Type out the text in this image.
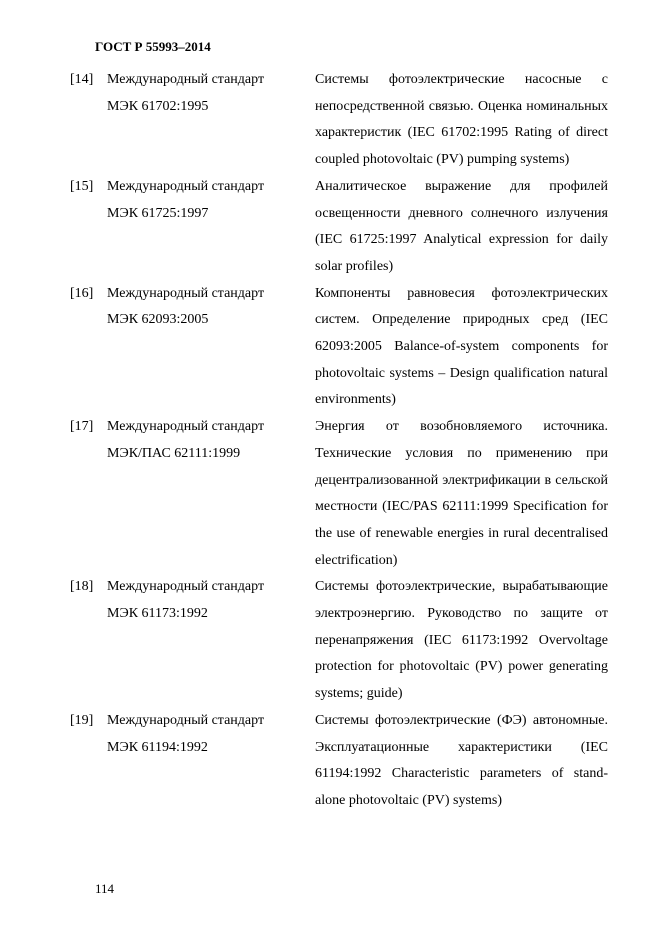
ГОСТ Р 55993–2014
[14] Международный стандарт
МЭК 61702:1995
Системы фотоэлектрические насосные с непосредственной связью. Оценка номинальных характеристик (IEC 61702:1995 Rating of direct coupled photovoltaic (PV) pumping systems)
[15] Международный стандарт
МЭК 61725:1997
Аналитическое выражение для профилей освещенности дневного солнечного излучения (IEC 61725:1997 Analytical expression for daily solar profiles)
[16] Международный стандарт
МЭК 62093:2005
Компоненты равновесия фотоэлектрических систем. Определение природных сред (IEC 62093:2005 Balance-of-system components for photovoltaic systems – Design qualification natural environments)
[17] Международный стандарт
МЭК/ПАС 62111:1999
Энергия от возобновляемого источника. Технические условия по применению при децентрализованной электрификации в сельской местности (IEC/PAS 62111:1999 Specification for the use of renewable energies in rural decentralised electrification)
[18] Международный стандарт
МЭК 61173:1992
Системы фотоэлектрические, вырабатывающие электроэнергию. Руководство по защите от перенапряжения (IEC 61173:1992 Overvoltage protection for photovoltaic (PV) power generating systems; guide)
[19] Международный стандарт
МЭК 61194:1992
Системы фотоэлектрические (ФЭ) автономные. Эксплуатационные характеристики (IEC 61194:1992 Characteristic parameters of stand-alone photovoltaic (PV) systems)
114
